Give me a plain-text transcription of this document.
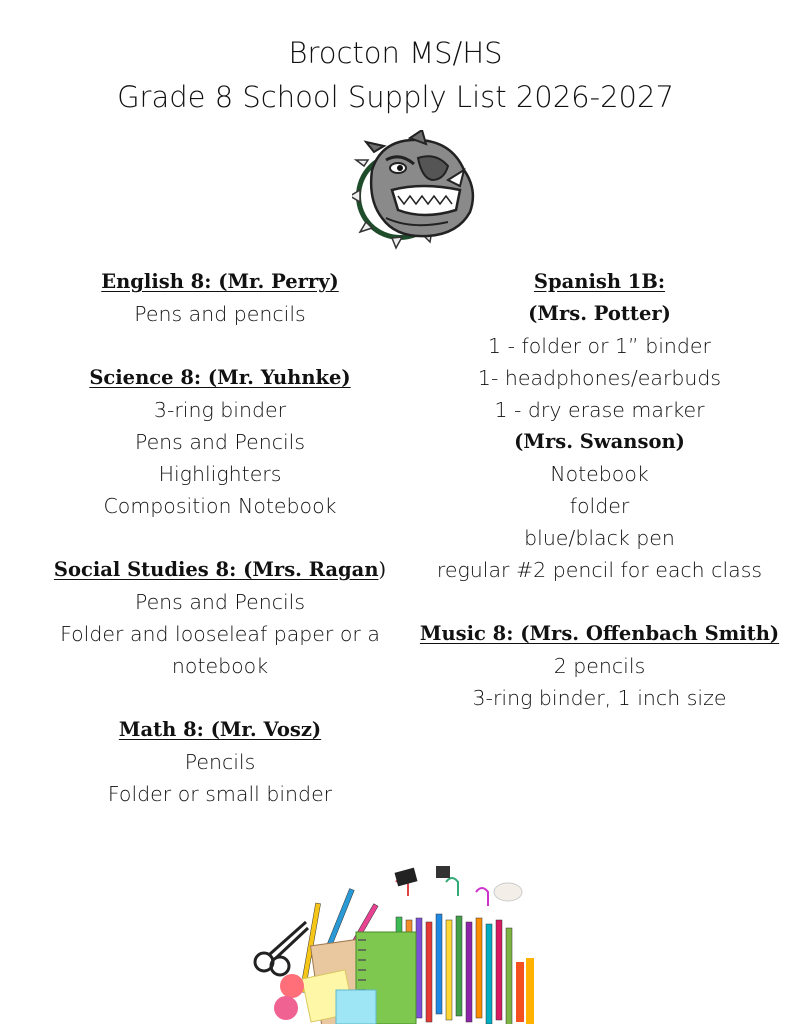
Brocton MS/HS
Grade 8 School Supply List 2026-2027

English 8: (Mr. Perry)

Pens and pencils

Science 8: (Mr. Yuhnke)

3-ring binder

Pens and Pencils

Highlighters

Composition Notebook

Social Studies 8: (Mrs. Ragan)

Pens and Pencils

Folder and looseleaf paper or a notebook

Math 8: (Mr. Vosz)

Pencils

Folder or small binder

Spanish 1B:

(Mrs. Potter)

1 - folder or 1” binder

1- headphones/earbuds

1 - dry erase marker

(Mrs. Swanson)

Notebook

folder

blue/black pen

regular #2 pencil for each class

Music 8: (Mrs. Offenbach Smith)

2 pencils

3-ring binder, 1 inch size
